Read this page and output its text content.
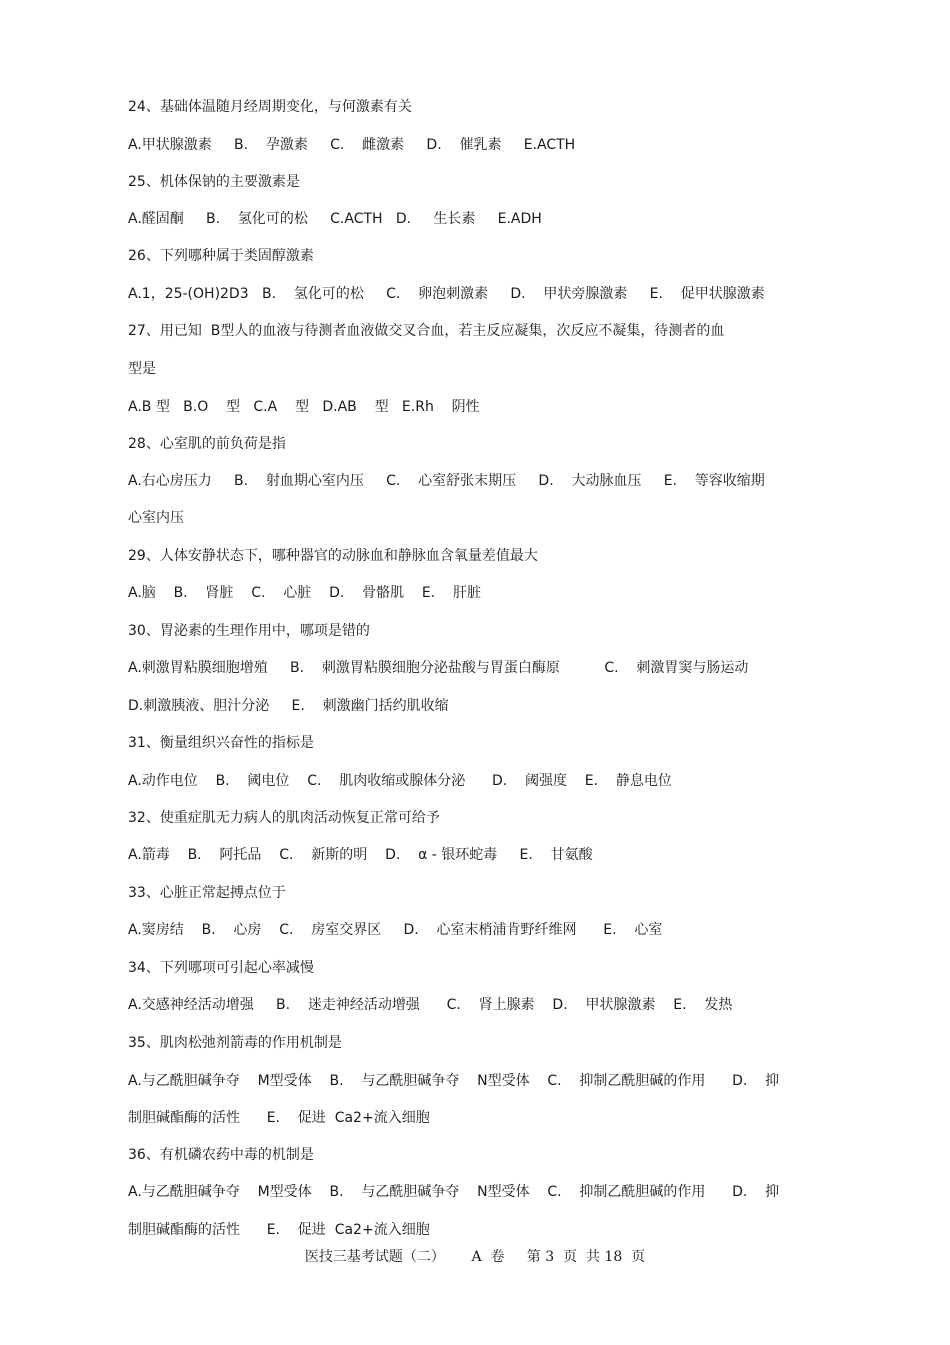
24、基础体温随月经周期变化，与何激素有关
A.甲状腺激素     B.    孕激素     C.    雌激素     D.    催乳素     E.ACTH
25、机体保钠的主要激素是
A.醛固酮     B.    氢化可的松     C.ACTH   D.     生长素     E.ADH
26、下列哪种属于类固醇激素
A.1，25-(OH)2D3   B.    氢化可的松     C.    卵泡刺激素     D.    甲状旁腺激素     E.    促甲状腺激素
27、用已知  B型人的血液与待测者血液做交叉合血，若主反应凝集，次反应不凝集，待测者的血
型是
A.B 型   B.O    型   C.A    型   D.AB    型   E.Rh    阴性
28、心室肌的前负荷是指
A.右心房压力     B.    射血期心室内压     C.    心室舒张末期压     D.    大动脉血压     E.    等容收缩期
心室内压
29、人体安静状态下，哪种器官的动脉血和静脉血含氧量差值最大
A.脑    B.    肾脏    C.    心脏    D.    骨骼肌    E.    肝脏
30、胃泌素的生理作用中，哪项是错的
A.刺激胃粘膜细胞增殖     B.    刺激胃粘膜细胞分泌盐酸与胃蛋白酶原          C.    刺激胃窦与肠运动
D.刺激胰液、胆汁分泌     E.    刺激幽门括约肌收缩
31、衡量组织兴奋性的指标是
A.动作电位    B.    阈电位    C.    肌肉收缩或腺体分泌      D.    阈强度    E.    静息电位
32、使重症肌无力病人的肌肉活动恢复正常可给予
A.箭毒    B.    阿托品    C.    新斯的明    D.    α - 银环蛇毒     E.    甘氨酸
33、心脏正常起搏点位于
A.窦房结    B.    心房    C.    房室交界区     D.    心室末梢浦肯野纤维网      E.    心室
34、下列哪项可引起心率减慢
A.交感神经活动增强     B.    迷走神经活动增强      C.    肾上腺素    D.    甲状腺激素    E.    发热
35、肌肉松弛剂箭毒的作用机制是
A.与乙酰胆碱争夺    M型受体    B.    与乙酰胆碱争夺    N型受体    C.    抑制乙酰胆碱的作用      D.    抑
制胆碱酯酶的活性      E.    促进  Ca2+流入细胞
36、有机磷农药中毒的机制是
A.与乙酰胆碱争夺    M型受体    B.    与乙酰胆碱争夺    N型受体    C.    抑制乙酰胆碱的作用      D.    抑
制胆碱酯酶的活性      E.    促进  Ca2+流入细胞
医技三基考试题（二）      A  卷     第 3  页  共 18  页
